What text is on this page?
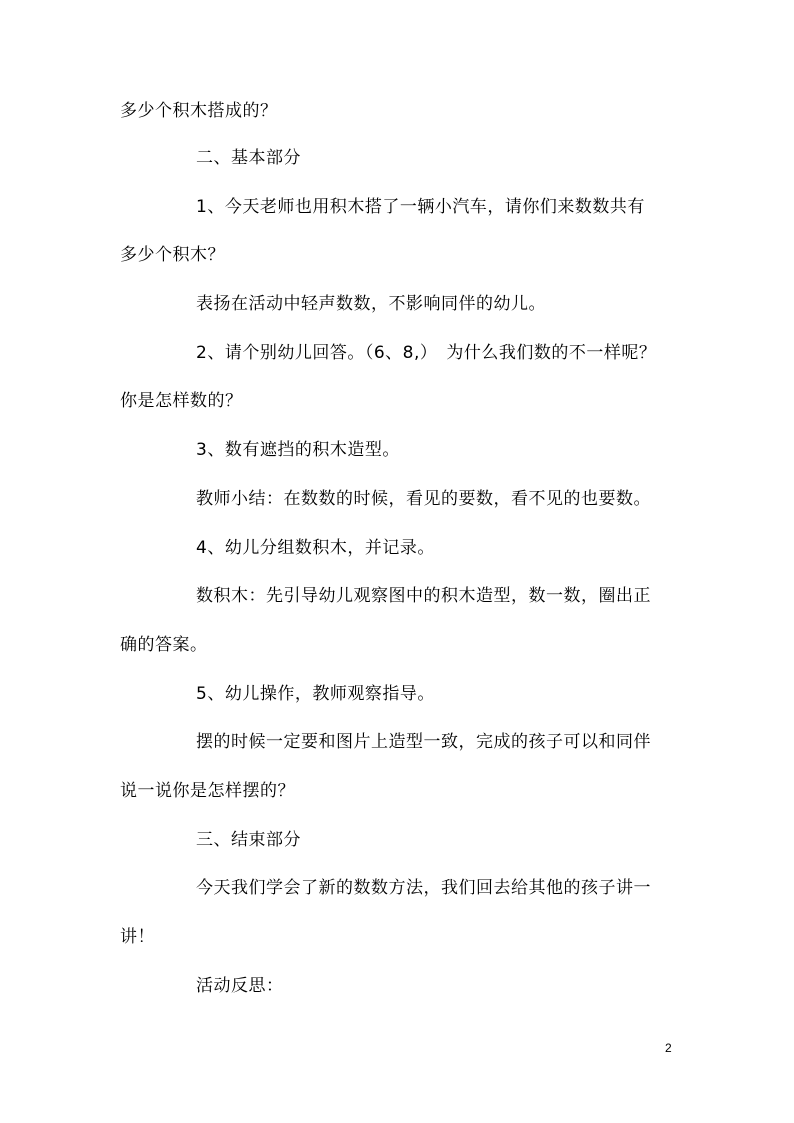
多少个积木搭成的？
二、基本部分
1、今天老师也用积木搭了一辆小汽车，请你们来数数共有
多少个积木？
表扬在活动中轻声数数，不影响同伴的幼儿。
2、请个别幼儿回答。（6、8,）　为什么我们数的不一样呢？
你是怎样数的？
3、数有遮挡的积木造型。
教师小结：在数数的时候，看见的要数，看不见的也要数。
4、幼儿分组数积木，并记录。
数积木：先引导幼儿观察图中的积木造型，数一数，圈出正
确的答案。
5、幼儿操作，教师观察指导。
摆的时候一定要和图片上造型一致，完成的孩子可以和同伴
说一说你是怎样摆的？
三、结束部分
今天我们学会了新的数数方法，我们回去给其他的孩子讲一
讲！
活动反思：
2
